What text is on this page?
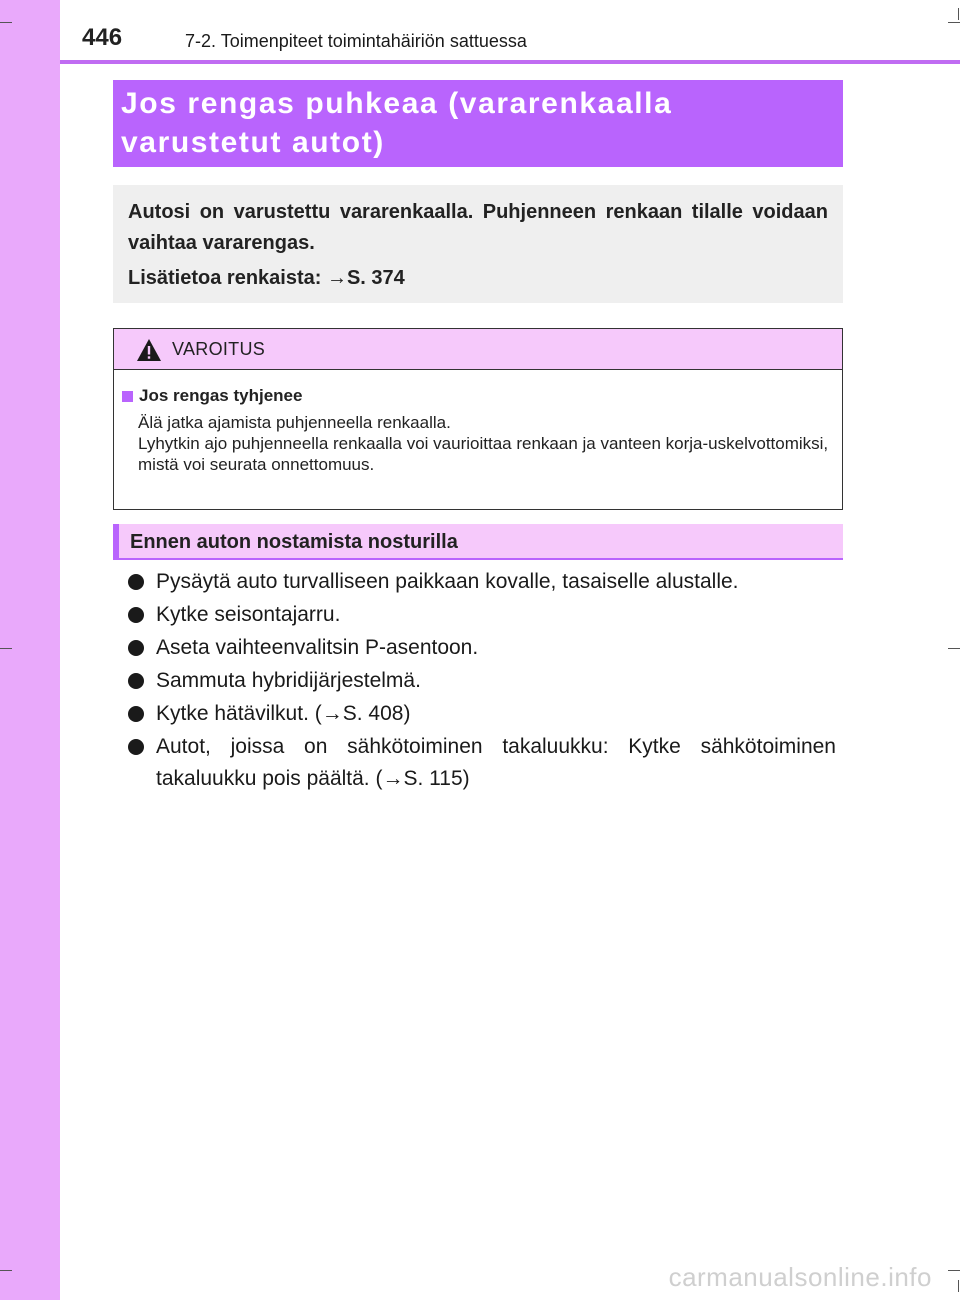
446	7-2. Toimenpiteet toimintahäiriön sattuessa
Jos rengas puhkeaa (vararenkaalla
varustetut autot)
Autosi on varustettu vararenkaalla. Puhjenneen renkaan tilalle voidaan vaihtaa vararengas.
Lisätietoa renkaista: →S. 374
VAROITUS
Jos rengas tyhjenee
Älä jatka ajamista puhjenneella renkaalla.
Lyhytkin ajo puhjenneella renkaalla voi vaurioittaa renkaan ja vanteen korja-uskelvottomiksi, mistä voi seurata onnettomuus.
Ennen auton nostamista nosturilla
Pysäytä auto turvalliseen paikkaan kovalle, tasaiselle alustalle.
Kytke seisontajarru.
Aseta vaihteenvalitsin P-asentoon.
Sammuta hybridijärjestelmä.
Kytke hätävilkut. (→S. 408)
Autot, joissa on sähkötoiminen takaluukku: Kytke sähkötoiminen takaluukku pois päältä. (→S. 115)
carmanualsonline.info
